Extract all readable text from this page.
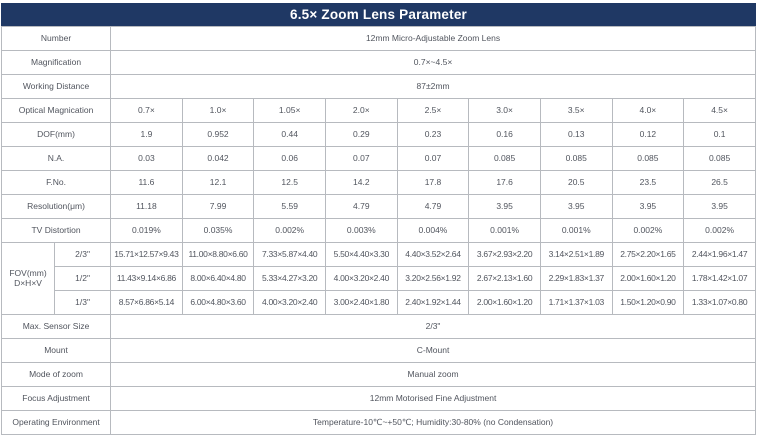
6.5× Zoom Lens Parameter
Number		12mm Micro-Adjustable Zoom Lens								
Magnification		0.7×~4.5×								
Working Distance		87±2mm								
Optical Magnication		0.7×	1.0×	1.05×	2.0×	2.5×	3.0×	3.5×	4.0×	4.5×
DOF(mm)		1.9	0.952	0.44	0.29	0.23	0.16	0.13	0.12	0.1
N.A.		0.03	0.042	0.06	0.07	0.07	0.085	0.085	0.085	0.085
F.No.		11.6	12.1	12.5	14.2	17.8	17.6	20.5	23.5	26.5
Resolution(μm)		11.18	7.99	5.59	4.79	4.79	3.95	3.95	3.95	3.95
TV Distortion		0.019%	0.035%	0.002%	0.003%	0.004%	0.001%	0.001%	0.002%	0.002%

FOV(mm)
D×H×V	2/3"	15.71×12.57×9.43	11.00×8.80×6.60	7.33×5.87×4.40	5.50×4.40×3.30	4.40×3.52×2.64	3.67×2.93×2.20	3.14×2.51×1.89	2.75×2.20×1.65	2.44×1.96×1.47
	1/2"	11.43×9.14×6.86	8.00×6.40×4.80	5.33×4.27×3.20	4.00×3.20×2.40	3.20×2.56×1.92	2.67×2.13×1.60	2.29×1.83×1.37	2.00×1.60×1.20	1.78×1.42×1.07
	1/3"	8.57×6.86×5.14	6.00×4.80×3.60	4.00×3.20×2.40	3.00×2.40×1.80	2.40×1.92×1.44	2.00×1.60×1.20	1.71×1.37×1.03	1.50×1.20×0.90	1.33×1.07×0.80
Max. Sensor Size		2/3"								
Mount		C-Mount								
Mode of zoom		Manual zoom								
Focus Adjustment		12mm Motorised Fine Adjustment								
Operating Environment		Temperature-10℃~+50℃; Humidity:30-80% (no Condensation)								
